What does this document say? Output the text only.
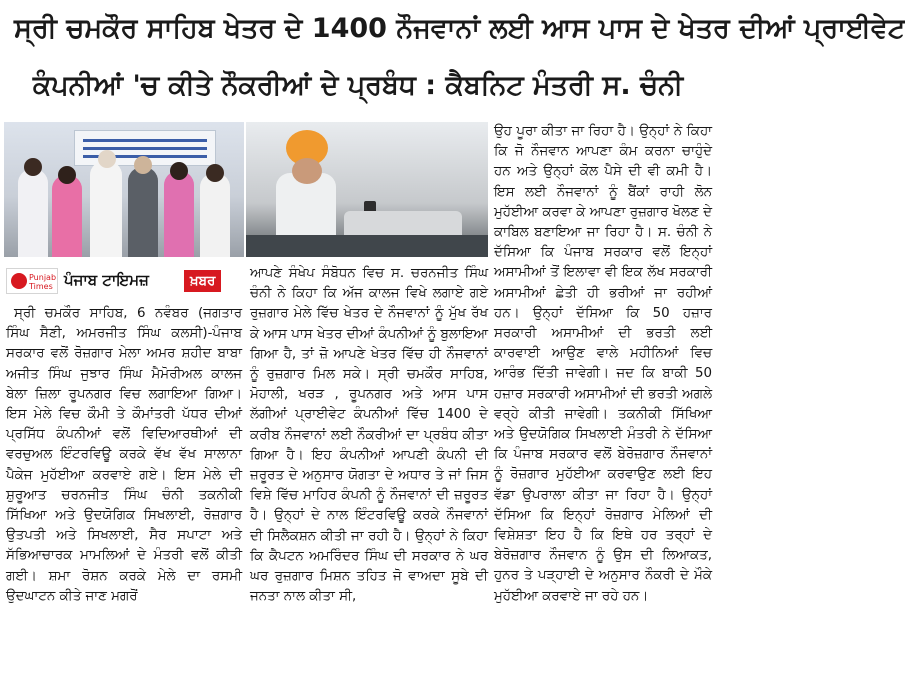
ਸ੍ਰੀ ਚਮਕੌਰ ਸਾਹਿਬ ਖੇਤਰ ਦੇ 1400 ਨੌਜਵਾਨਾਂ ਲਈ ਆਸ ਪਾਸ ਦੇ ਖੇਤਰ ਦੀਆਂ ਪ੍ਰਾਈਵੇਟ
ਕੰਪਨੀਆਂ 'ਚ ਕੀਤੇ ਨੌਕਰੀਆਂ ਦੇ ਪ੍ਰਬੰਧ : ਕੈਬਨਿਟ ਮੰਤਰੀ ਸ. ਚੰਨੀ

ਉਹ ਪੂਰਾ ਕੀਤਾ ਜਾ ਰਿਹਾ ਹੈ। ਉਨ੍ਹਾਂ ਨੇ ਕਿਹਾ ਕਿ ਜੋ ਨੌਜਵਾਨ ਆਪਣਾ ਕੰਮ ਕਰਨਾ ਚਾਹੁੰਦੇ ਹਨ ਅਤੇ ਉਨ੍ਹਾਂ ਕੋਲ ਪੈਸੇ ਦੀ ਵੀ ਕਮੀ ਹੈ। ਇਸ ਲਈ ਨੌਜਵਾਨਾਂ ਨੂੰ ਬੈਂਕਾਂ ਰਾਹੀ ਲੋਨ ਮੁਹੱਈਆ ਕਰਵਾ ਕੇ ਆਪਣਾ ਰੁਜ਼ਗਾਰ ਖੋਲਣ ਦੇ ਕਾਬਿਲ ਬਣਾਇਆ ਜਾ ਰਿਹਾ ਹੈ। ਸ. ਚੰਨੀ ਨੇ ਦੱਸਿਆ ਕਿ ਪੰਜਾਬ ਸਰਕਾਰ ਵਲੋਂ ਇਨ੍ਹਾਂ ਅਸਾਮੀਆਂ ਤੋਂ ਇਲਾਵਾ ਵੀ ਇਕ ਲੱਖ ਸਰਕਾਰੀ ਅਸਾਮੀਆਂ ਛੇਤੀ ਹੀ ਭਰੀਆਂ ਜਾ ਰਹੀਆਂ ਹਨ। ਉਨ੍ਹਾਂ ਦੱਸਿਆ ਕਿ 50 ਹਜ਼ਾਰ ਸਰਕਾਰੀ ਅਸਾਮੀਆਂ ਦੀ ਭਰਤੀ ਲਈ ਕਾਰਵਾਈ ਆਉਣ ਵਾਲੇ ਮਹੀਨਿਆਂ ਵਿਚ ਆਰੰਭ ਦਿੱਤੀ ਜਾਵੇਗੀ। ਜਦ ਕਿ ਬਾਕੀ 50 ਹਜ਼ਾਰ ਸਰਕਾਰੀ ਅਸਾਮੀਆਂ ਦੀ ਭਰਤੀ ਅਗਲੇ ਵਰ੍ਹੇ ਕੀਤੀ ਜਾਵੇਗੀ। ਤਕਨੀਕੀ ਸਿੱਖਿਆ ਅਤੇ ਉਦਯੋਗਿਕ ਸਿਖਲਾਈ ਮੰਤਰੀ ਨੇ ਦੱਸਿਆ ਕਿ ਪੰਜਾਬ ਸਰਕਾਰ ਵਲੋਂ ਬੇਰੋਜ਼ਗਾਰ ਨੌਜਵਾਨਾਂ ਨੂੰ ਰੋਜ਼ਗਾਰ ਮੁਹੱਈਆ ਕਰਵਾਉਣ ਲਈ ਇਹ ਵੱਡਾ ਉਪਰਾਲਾ ਕੀਤਾ ਜਾ ਰਿਹਾ ਹੈ। ਉਨ੍ਹਾਂ ਦੱਸਿਆ ਕਿ ਇਨ੍ਹਾਂ ਰੋਜ਼ਗਾਰ ਮੇਲਿਆਂ ਦੀ ਵਿਸ਼ੇਸ਼ਤਾ ਇਹ ਹੈ ਕਿ ਇਥੇ ਹਰ ਤਰ੍ਹਾਂ ਦੇ ਬੇਰੋਜ਼ਗਾਰ ਨੌਜਵਾਨ ਨੂੰ ਉਸ ਦੀ ਲਿਆਕਤ, ਹੁਨਰ ਤੇ ਪੜ੍ਹਾਈ ਦੇ ਅਨੁਸਾਰ ਨੌਕਰੀ ਦੇ ਮੌਕੇ ਮੁਹੱਈਆ ਕਰਵਾਏ ਜਾ ਰਹੇ ਹਨ।

Punjab Times ਪੰਜਾਬ ਟਾਇਮਜ਼	ਖ਼ਬਰ

ਸ੍ਰੀ ਚਮਕੌਰ ਸਾਹਿਬ, 6 ਨਵੰਬਰ (ਜਗਤਾਰ ਸਿੰਘ ਸੈਣੀ, ਅਮਰਜੀਤ ਸਿੰਘ ਕਲਸੀ)-ਪੰਜਾਬ ਸਰਕਾਰ ਵਲੋਂ ਰੋਜ਼ਗਾਰ ਮੇਲਾ ਅਮਰ ਸ਼ਹੀਦ ਬਾਬਾ ਅਜੀਤ ਸਿੰਘ ਜੁਝਾਰ ਸਿੰਘ ਮੈਮੋਰੀਅਲ ਕਾਲਜ ਬੇਲਾ ਜ਼ਿਲਾ ਰੂਪਨਗਰ ਵਿਚ ਲਗਾਇਆ ਗਿਆ। ਇਸ ਮੇਲੇ ਵਿਚ ਕੌਮੀ ਤੇ ਕੌਮਾਂਤਰੀ ਪੱਧਰ ਦੀਆਂ ਪ੍ਰਸਿੱਧ ਕੰਪਨੀਆਂ ਵਲੋਂ ਵਿਦਿਆਰਥੀਆਂ ਦੀ ਵਰਚੁਅਲ ਇੰਟਰਵਿਊ ਕਰਕੇ ਵੱਖ ਵੱਖ ਸਾਲਾਨਾ ਪੈਕੇਜ ਮੁਹੱਈਆ ਕਰਵਾਏ ਗਏ। ਇਸ ਮੇਲੇ ਦੀ ਸ਼ੁਰੂਆਤ ਚਰਨਜੀਤ ਸਿੰਘ ਚੰਨੀ ਤਕਨੀਕੀ ਸਿੱਖਿਆ ਅਤੇ ਉਦਯੋਗਿਕ ਸਿਖਲਾਈ, ਰੋਜ਼ਗਾਰ ਉਤਪਤੀ ਅਤੇ ਸਿਖਲਾਈ, ਸੈਰ ਸਪਾਟਾ ਅਤੇ ਸੱਭਿਆਚਾਰਕ ਮਾਮਲਿਆਂ ਦੇ ਮੰਤਰੀ ਵਲੋਂ ਕੀਤੀ ਗਈ। ਸ਼ਮਾ ਰੋਸ਼ਨ ਕਰਕੇ ਮੇਲੇ ਦਾ ਰਸਮੀ ਉਦਘਾਟਨ ਕੀਤੇ ਜਾਣ ਮਗਰੋਂ

ਆਪਣੇ ਸੰਖੇਪ ਸੰਬੋਧਨ ਵਿਚ ਸ. ਚਰਨਜੀਤ ਸਿੰਘ ਚੰਨੀ ਨੇ ਕਿਹਾ ਕਿ ਅੱਜ ਕਾਲਜ ਵਿਖੇ ਲਗਾਏ ਗਏ ਰੁਜ਼ਗਾਰ ਮੇਲੇ ਵਿੱਚ ਖੇਤਰ ਦੇ ਨੌਜਵਾਨਾਂ ਨੂੰ ਮੁੱਖ ਰੱਖ ਕੇ ਆਸ ਪਾਸ ਖੇਤਰ ਦੀਆਂ ਕੰਪਨੀਆਂ ਨੂੰ ਬੁਲਾਇਆ ਗਿਆ ਹੈ, ਤਾਂ ਜ਼ੋ ਆਪਣੇ ਖੇਤਰ ਵਿੱਚ ਹੀ ਨੌਜਵਾਨਾਂ ਨੂੰ ਰੁਜ਼ਗਾਰ ਮਿਲ ਸਕੇ। ਸ੍ਰੀ ਚਮਕੌਰ ਸਾਹਿਬ, ਮੋਹਾਲੀ, ਖਰੜ , ਰੂਪਨਗਰ ਅਤੇ ਆਸ ਪਾਸ ਲੱਗੀਆਂ ਪ੍ਰਾਈਵੇਟ ਕੰਪਨੀਆਂ ਵਿੱਚ 1400 ਦੇ ਕਰੀਬ ਨੌਜਵਾਨਾਂ ਲਈ ਨੌਕਰੀਆਂ ਦਾ ਪ੍ਰਬੰਧ ਕੀਤਾ ਗਿਆ ਹੈ। ਇਹ ਕੰਪਨੀਆਂ ਆਪਣੀ ਕੰਪਨੀ ਦੀ ਜ਼ਰੂਰਤ ਦੇ ਅਨੁਸਾਰ ਯੋਗਤਾ ਦੇ ਅਧਾਰ ਤੇ ਜਾਂ ਜਿਸ ਵਿਸ਼ੇ ਵਿੱਚ ਮਾਹਿਰ ਕੰਪਨੀ ਨੂੰ ਨੌਜਵਾਨਾਂ ਦੀ ਜ਼ਰੂਰਤ ਹੈ। ਉਨ੍ਹਾਂ ਦੇ ਨਾਲ ਇੰਟਰਵਿਊ ਕਰਕੇ ਨੌਜਵਾਨਾਂ ਦੀ ਸਿਲੈਕਸ਼ਨ ਕੀਤੀ ਜਾ ਰਹੀ ਹੈ। ਉਨ੍ਹਾਂ ਨੇ ਕਿਹਾ ਕਿ ਕੈਪਟਨ ਅਮਰਿੰਦਰ ਸਿੰਘ ਦੀ ਸਰਕਾਰ ਨੇ ਘਰ ਘਰ ਰੁਜ਼ਗਾਰ ਮਿਸ਼ਨ ਤਹਿਤ ਜੋ ਵਾਅਦਾ ਸੂਬੇ ਦੀ ਜਨਤਾ ਨਾਲ ਕੀਤਾ ਸੀ,
